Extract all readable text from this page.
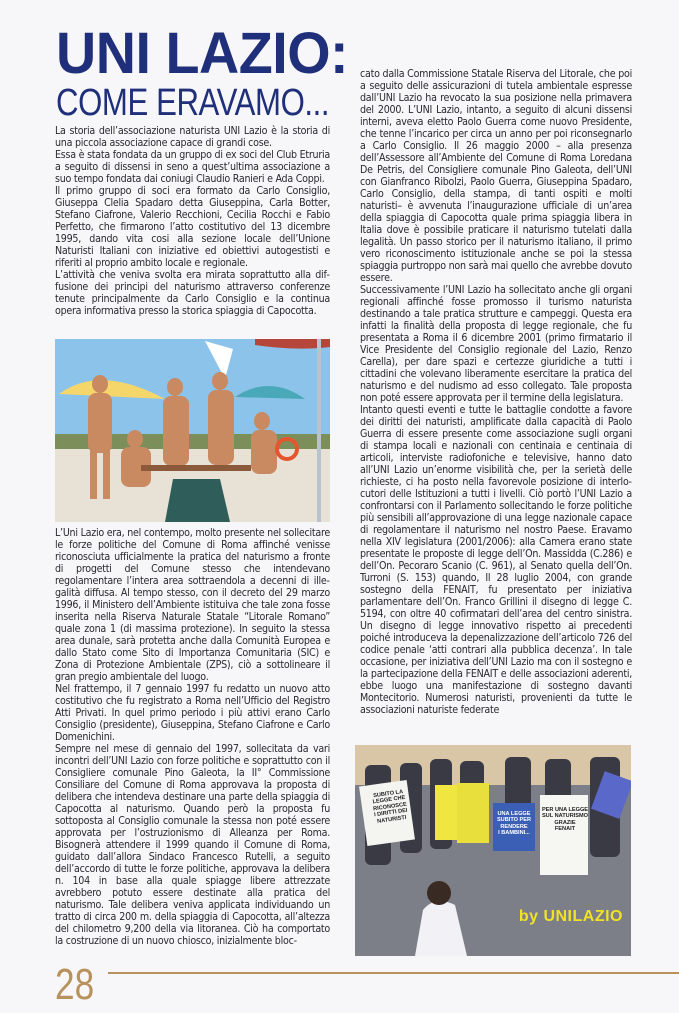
UNI LAZIO:
COME ERAVAMO...

La storia dell’associazione naturista UNI Lazio è la storia di una piccola associazione capace di grandi cose.

Essa è stata fondata da un gruppo di ex soci del Club Etruria a seguito di dissensi in seno a quest’ultima associazione a suo tempo fondata dai coniugi Claudio Ranieri e Ada Coppi.

Il primo gruppo di soci era formato da Carlo Consiglio, Giuseppa Clelia Spadaro detta Giuseppina, Carla Botter, Stefano Ciafrone, Valerio Recchioni, Cecilia Rocchi e Fabio Perfetto, che firmarono l’atto costitutivo del 13 dicembre 1995, dando vita cosi alla sezione locale dell’Unione Naturisti Italiani con iniziative ed obiettivi autogestisti e riferiti al proprio ambito locale e regionale.

L’attività che veniva svolta era mirata soprattutto alla diffusione dei principi del naturismo attraverso conferenze tenute principalmente da Carlo Consiglio e la continua opera informativa presso la storica spiaggia di Capocotta.

L’Uni Lazio era, nel contempo, molto presente nel sollecitare le forze politiche del Comune di Roma affinché venisse riconosciuta ufficialmente la pratica del naturismo a fronte di progetti del Comune stesso che intendevano regolamentare l’intera area sottraendola a decenni di illegalità diffusa. Al tempo stesso, con il decreto del 29 marzo 1996, il Ministero dell’Ambiente istituiva che tale zona fosse inserita nella Riserva Naturale Statale “Litorale Romano” quale zona 1 (di massima protezione). In seguito la stessa area dunale, sarà protetta anche dalla Comunità Europea e dallo Stato come Sito di Importanza Comunitaria (SIC) e Zona di Protezione Ambientale (ZPS), ciò a sottolineare il gran pregio ambientale del luogo.

Nel frattempo, il 7 gennaio 1997 fu redatto un nuovo atto costitutivo che fu registrato a Roma nell’Ufficio del Registro Atti Privati. In quel primo periodo i più attivi erano Carlo Consiglio (presidente), Giuseppina, Stefano Ciafrone e Carlo Domenichini.

Sempre nel mese di gennaio del 1997, sollecitata da vari incontri dell’UNI Lazio con forze politiche e soprattutto con il Consigliere comunale Pino Galeota, la II° Commissione Consiliare del Comune di Roma approvava la proposta di delibera che intendeva destinare una parte della spiaggia di Capocotta al naturismo. Quando però la proposta fu sottoposta al Consiglio comunale la stessa non poté essere approvata per l’ostruzionismo di Alleanza per Roma. Bisognerà attendere il 1999 quando il Comune di Roma, guidato dall’allora Sindaco Francesco Rutelli, a seguito dell’accordo di tutte le forze politiche, approvava la delibera n. 104 in base alla quale spiagge libere attrezzate avrebbero potuto essere destinate alla pratica del naturismo. Tale delibera veniva applicata individuando un tratto di circa 200 m. della spiaggia di Capocotta, all’altezza del chilometro 9,200 della via litoranea. Ciò ha comportato la costruzione di un nuovo chiosco, inizialmente bloc-

cato dalla Commissione Statale Riserva del Litorale, che poi a seguito delle assicurazioni di tutela ambientale espresse dall’UNI Lazio ha revocato la sua posizione nella primavera del 2000. L’UNI Lazio, intanto, a seguito di alcuni dissensi interni, aveva eletto Paolo Guerra come nuovo Presidente, che tenne l’incarico per circa un anno per poi riconsegnarlo a Carlo Consiglio. Il 26 maggio 2000 – alla presenza dell’Assessore all’Ambiente del Comune di Roma Loredana De Petris, del Consigliere comunale Pino Galeota, dell’UNI con Gianfranco Ribolzi, Paolo Guerra, Giuseppina Spadaro, Carlo Consiglio, della stampa, di tanti ospiti e molti naturisti– è avvenuta l’inaugurazione ufficiale di un’area della spiaggia di Capocotta quale prima spiaggia libera in Italia dove è possibile praticare il naturismo tutelati dalla legalità. Un passo storico per il naturismo italiano, il primo vero riconoscimento istituzionale anche se poi la stessa spiaggia purtroppo non sarà mai quello che avrebbe dovuto essere.

Successivamente l’UNI Lazio ha sollecitato anche gli organi regionali affinché fosse promosso il turismo naturista destinando a tale pratica strutture e campeggi. Questa era infatti la finalità della proposta di legge regionale, che fu presentata a Roma il 6 dicembre 2001 (primo firmatario il Vice Presidente del Consiglio regionale del Lazio, Renzo Carella), per dare spazi e certezze giuridiche a tutti i cittadini che volevano liberamente esercitare la pratica del naturismo e del nudismo ad esso collegato. Tale proposta non poté essere approvata per il termine della legislatura.

Intanto questi eventi e tutte le battaglie condotte a favore dei diritti dei naturisti, amplificate dalla capacità di Paolo Guerra di essere presente come associazione sugli organi di stampa locali e nazionali con centinaia e centinaia di articoli, interviste radiofoniche e televisive, hanno dato all’UNI Lazio un’enorme visibilità che, per la serietà delle richieste, ci ha posto nella favorevole posizione di interlocutori delle Istituzioni a tutti i livelli. Ciò portò l’UNI Lazio a confrontarsi con il Parlamento sollecitando le forze politiche più sensibili all’approvazione di una legge nazionale capace di regolamentare il naturismo nel nostro Paese. Eravamo nella XIV legislatura (2001/2006): alla Camera erano state presentate le proposte di legge dell’On. Massidda (C.286) e dell’On. Pecoraro Scanio (C. 961), al Senato quella dell’On. Turroni (S. 153) quando, Il 28 luglio 2004, con grande sostegno della FENAIT, fu presentato per iniziativa parlamentare dell’On. Franco Grillini il disegno di legge C. 5194, con oltre 40 cofirmatari dell’area del centro sinistra. Un disegno di legge innovativo rispetto ai precedenti poiché introduceva la depenalizzazione dell’articolo 726 del codice penale ‘atti contrari alla pubblica decenza’. In tale occasione, per iniziativa dell’UNI Lazio ma con il sostegno e la partecipazione della FENAIT e delle associazioni aderenti, ebbe luogo una manifestazione di sostegno davanti Montecitorio. Numerosi naturisti, provenienti da tutte le associazioni naturiste federate

SUBITO LA
LEGGE CHE
RICONOSCE
I DIRITTI DEI
NATURISTI
PER UNA LEGGE
SUL NATURISMO
GRAZIE
FENAIT
UNA LEGGE
SUBITO PER
RENDERE
I BAMBINI...
by UNILAZIO
28
